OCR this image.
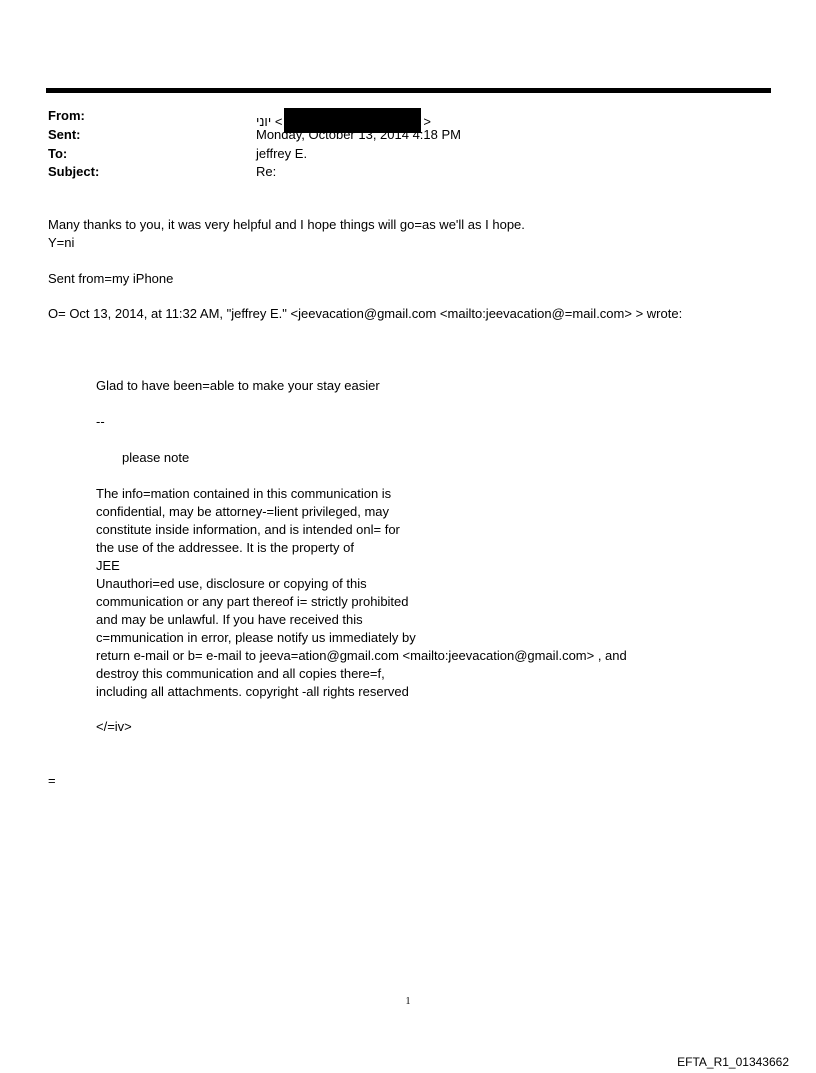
From:	יוני <	>
Sent:	Monday, October 13, 2014 4:18 PM
To:	jeffrey E.
Subject:	Re:
Many thanks to you, it was very helpful and I hope things will go=as we'll as I hope.
Y=ni
Sent from=my iPhone
O= Oct 13, 2014, at 11:32 AM, "jeffrey E." <jeevacation@gmail.com <mailto:jeevacation@=mail.com> > wrote:
Glad to have been=able to make your stay easier
--
please note
The info=mation contained in this communication is
confidential, may be attorney-=lient privileged, may
constitute inside information, and is intended onl= for
the use of the addressee. It is the property of
JEE
Unauthori=ed use, disclosure or copying of this
communication or any part thereof i= strictly prohibited
and may be unlawful. If you have received this
c=mmunication in error, please notify us immediately by
return e-mail or b= e-mail to jeeva=ation@gmail.com <mailto:jeevacation@gmail.com> , and
destroy this communication and all copies there=f,
including all attachments. copyright -all rights reserved
</=iv>
=
1
EFTA_R1_01343662
